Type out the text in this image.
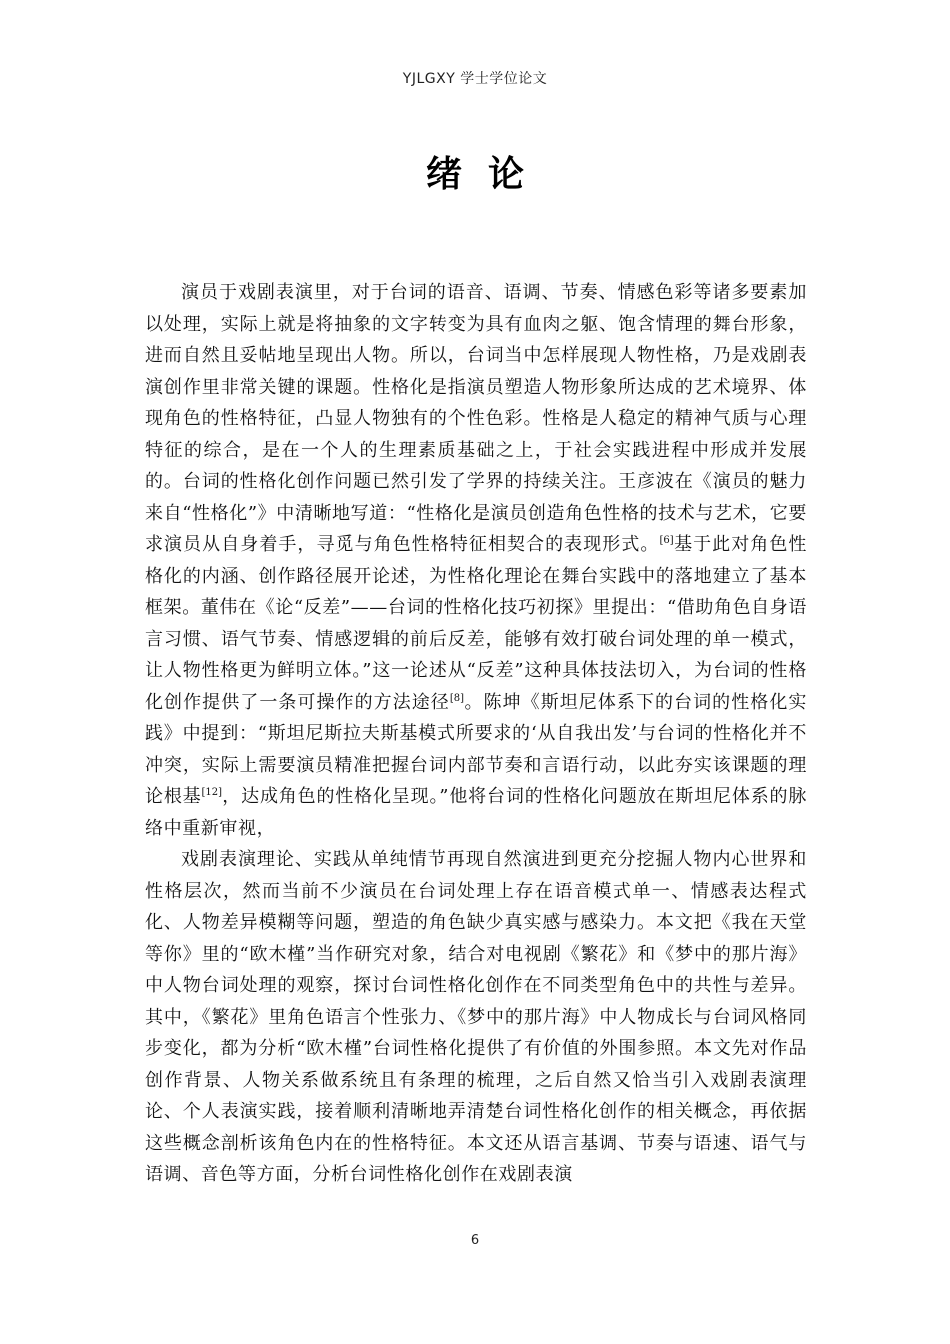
YJLGXY 学士学位论文
绪论

演员于戏剧表演里，对于台词的语音、语调、节奏、情感色彩等诸多要素加以处理，实际上就是将抽象的文字转变为具有血肉之躯、饱含情理的舞台形象，进而自然且妥帖地呈现出人物。所以，台词当中怎样展现人物性格，乃是戏剧表演创作里非常关键的课题。性格化是指演员塑造人物形象所达成的艺术境界、体现角色的性格特征，凸显人物独有的个性色彩。性格是人稳定的精神气质与心理特征的综合，是在一个人的生理素质基础之上，于社会实践进程中形成并发展的。台词的性格化创作问题已然引发了学界的持续关注。王彦波在《演员的魅力来自“性格化”》中清晰地写道：“性格化是演员创造角色性格的技术与艺术，它要求演员从自身着手，寻觅与角色性格特征相契合的表现形式。[6]基于此对角色性格化的内涵、创作路径展开论述，为性格化理论在舞台实践中的落地建立了基本框架。董伟在《论“反差”——台词的性格化技巧初探》里提出：“借助角色自身语言习惯、语气节奏、情感逻辑的前后反差，能够有效打破台词处理的单一模式，让人物性格更为鲜明立体。”这一论述从“反差”这种具体技法切入，为台词的性格化创作提供了一条可操作的方法途径[8]。陈坤《斯坦尼体系下的台词的性格化实践》中提到：“斯坦尼斯拉夫斯基模式所要求的‘从自我出发’与台词的性格化并不冲突，实际上需要演员精准把握台词内部节奏和言语行动，以此夯实该课题的理论根基[12]，达成角色的性格化呈现。”他将台词的性格化问题放在斯坦尼体系的脉络中重新审视，

戏剧表演理论、实践从单纯情节再现自然演进到更充分挖掘人物内心世界和性格层次，然而当前不少演员在台词处理上存在语音模式单一、情感表达程式化、人物差异模糊等问题，塑造的角色缺少真实感与感染力。本文把《我在天堂等你》里的“欧木槿”当作研究对象，结合对电视剧《繁花》和《梦中的那片海》中人物台词处理的观察，探讨台词性格化创作在不同类型角色中的共性与差异。其中，《繁花》里角色语言个性张力、《梦中的那片海》中人物成长与台词风格同步变化，都为分析“欧木槿”台词性格化提供了有价值的外围参照。本文先对作品创作背景、人物关系做系统且有条理的梳理，之后自然又恰当引入戏剧表演理论、个人表演实践，接着顺利清晰地弄清楚台词性格化创作的相关概念，再依据这些概念剖析该角色内在的性格特征。本文还从语言基调、节奏与语速、语气与语调、音色等方面，分析台词性格化创作在戏剧表演

6
